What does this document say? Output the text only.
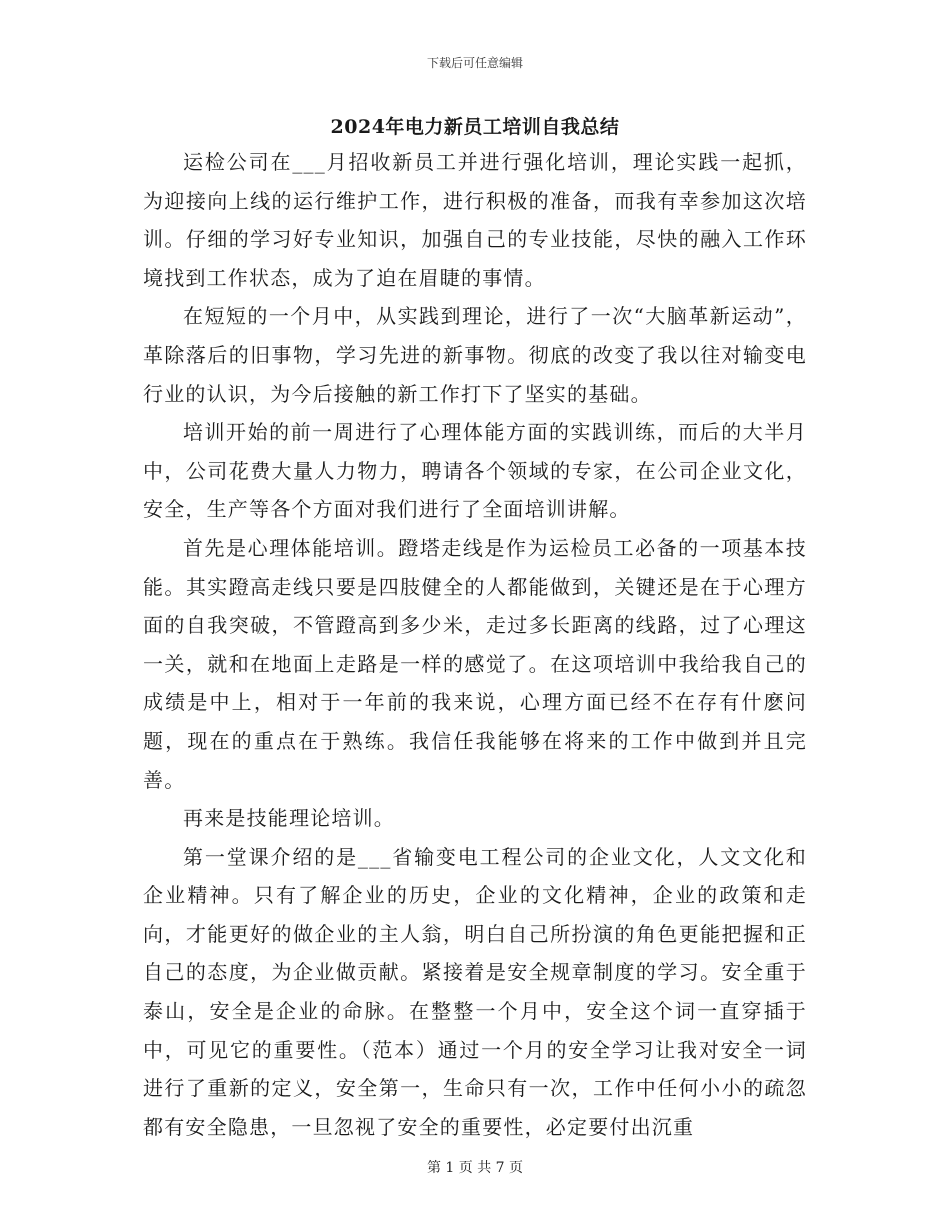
下载后可任意编辑
2024年电力新员工培训自我总结

运检公司在___月招收新员工并进行强化培训，理论实践一起抓，为迎接向上线的运行维护工作，进行积极的准备，而我有幸参加这次培训。仔细的学习好专业知识，加强自己的专业技能，尽快的融入工作环境找到工作状态，成为了迫在眉睫的事情。

在短短的一个月中，从实践到理论，进行了一次“大脑革新运动”，革除落后的旧事物，学习先进的新事物。彻底的改变了我以往对输变电行业的认识，为今后接触的新工作打下了坚实的基础。

培训开始的前一周进行了心理体能方面的实践训练，而后的大半月中，公司花费大量人力物力，聘请各个领域的专家，在公司企业文化，安全，生产等各个方面对我们进行了全面培训讲解。

首先是心理体能培训。蹬塔走线是作为运检员工必备的一项基本技能。其实蹬高走线只要是四肢健全的人都能做到，关键还是在于心理方面的自我突破，不管蹬高到多少米，走过多长距离的线路，过了心理这一关，就和在地面上走路是一样的感觉了。在这项培训中我给我自己的成绩是中上，相对于一年前的我来说，心理方面已经不在存有什麽问题，现在的重点在于熟练。我信任我能够在将来的工作中做到并且完善。

再来是技能理论培训。

第一堂课介绍的是___省输变电工程公司的企业文化，人文文化和企业精神。只有了解企业的历史，企业的文化精神，企业的政策和走向，才能更好的做企业的主人翁，明白自己所扮演的角色更能把握和正自己的态度，为企业做贡献。紧接着是安全规章制度的学习。安全重于泰山，安全是企业的命脉。在整整一个月中，安全这个词一直穿插于中，可见它的重要性。（范本）通过一个月的安全学习让我对安全一词进行了重新的定义，安全第一，生命只有一次，工作中任何小小的疏忽都有安全隐患，一旦忽视了安全的重要性，必定要付出沉重

第 1 页 共 7 页
